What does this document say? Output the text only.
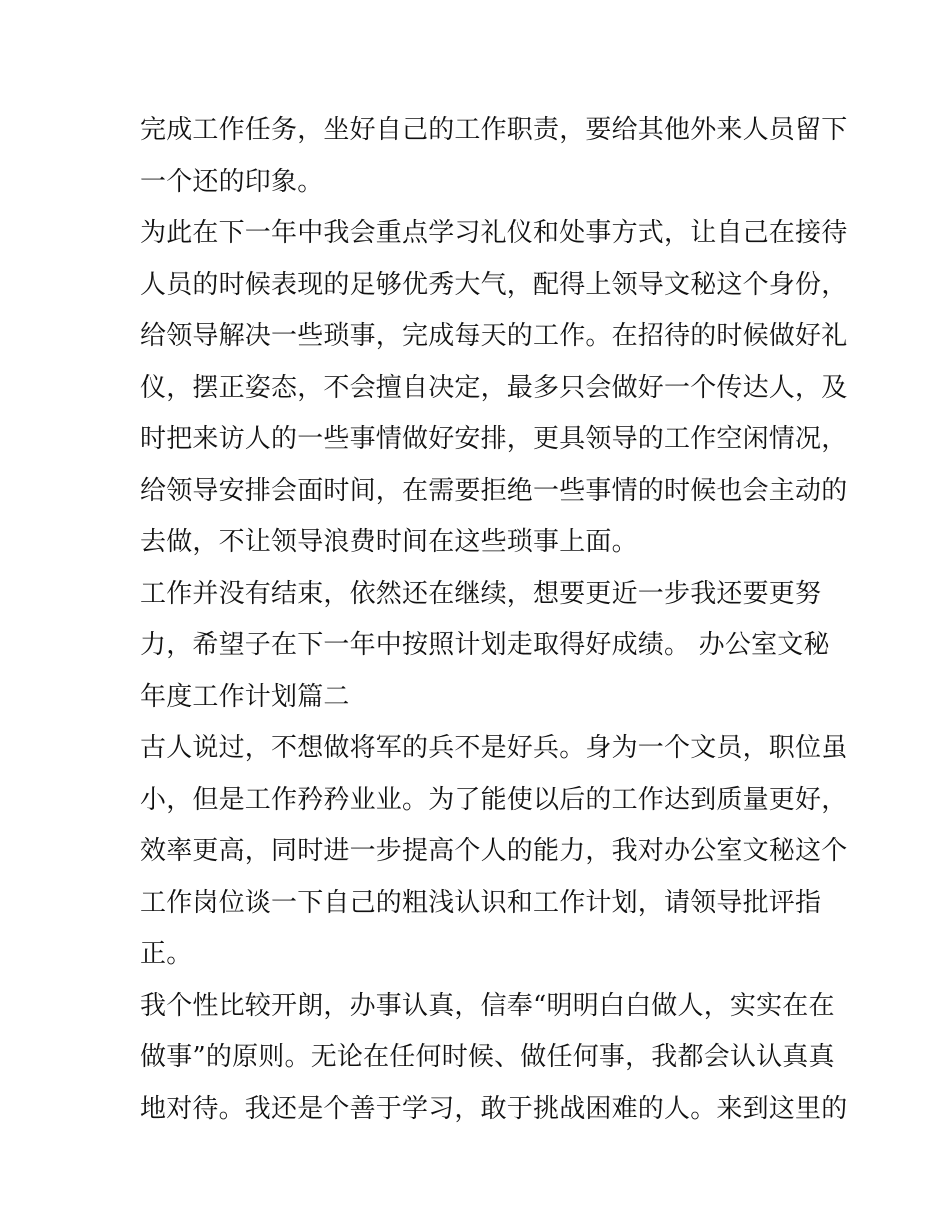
完成工作任务，坐好自己的工作职责，要给其他外来人员留下
一个还的印象。
为此在下一年中我会重点学习礼仪和处事方式，让自己在接待
人员的时候表现的足够优秀大气，配得上领导文秘这个身份，
给领导解决一些琐事，完成每天的工作。在招待的时候做好礼
仪，摆正姿态，不会擅自决定，最多只会做好一个传达人，及
时把来访人的一些事情做好安排，更具领导的工作空闲情况，
给领导安排会面时间，在需要拒绝一些事情的时候也会主动的
去做，不让领导浪费时间在这些琐事上面。
工作并没有结束，依然还在继续，想要更近一步我还要更努
力，希望子在下一年中按照计划走取得好成绩。 办公室文秘
年度工作计划篇二
古人说过，不想做将军的兵不是好兵。身为一个文员，职位虽
小，但是工作矜矜业业。为了能使以后的工作达到质量更好，
效率更高，同时进一步提高个人的能力，我对办公室文秘这个
工作岗位谈一下自己的粗浅认识和工作计划，请领导批评指
正。
我个性比较开朗，办事认真，信奉“明明白白做人，实实在在
做事”的原则。无论在任何时候、做任何事，我都会认认真真
地对待。我还是个善于学习，敢于挑战困难的人。来到这里的
